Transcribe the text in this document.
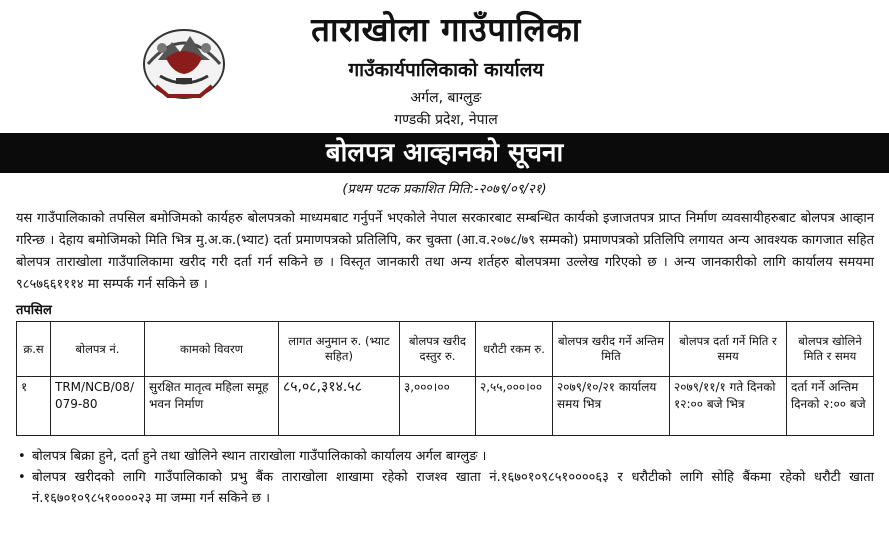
ताराखोला गाउँपालिका
गाउँकार्यपालिकाको कार्यालय
अर्गल, बाग्लुङ
गण्डकी प्रदेश, नेपाल
बोलपत्र आव्हानको सूचना
(प्रथम पटक प्रकाशित मिति:-२०७९/०९/२१)
यस गाउँपालिकाको तपसिल बमोजिमको कार्यहरु बोलपत्रको माध्यमबाट गर्नुपर्ने भएकोले नेपाल सरकारबाट सम्बन्धित कार्यको इजाजतपत्र प्राप्त निर्माण व्यवसायीहरुबाट बोलपत्र आव्हान गरिन्छ । देहाय बमोजिमको मिति भित्र मु.अ.क.(भ्याट) दर्ता प्रमाणपत्रको प्रतिलिपि, कर चुक्ता (आ.व.२०७८/७९ सम्मको) प्रमाणपत्रको प्रतिलिपि लगायत अन्य आवश्यक कागजात सहित बोलपत्र ताराखोला गाउँपालिकामा खरीद गरी दर्ता गर्न सकिने छ । विस्तृत जानकारी तथा अन्य शर्तहरु बोलपत्रमा उल्लेख गरिएको छ । अन्य जानकारीको लागि कार्यालय समयमा ९८५७६६१११४ मा सम्पर्क गर्न सकिने छ ।
तपसिल
क्र.स	बोलपत्र नं.	कामको विवरण	लागत अनुमान रु. (भ्याट सहित)	बोलपत्र खरीद दस्तुर रु.	धरौटी रकम रु.	बोलपत्र खरीद गर्ने अन्तिम मिति	बोलपत्र दर्ता गर्ने मिति र समय	बोलपत्र खोलिने मिति र समय
१	TRM/NCB/08/079-80	सुरक्षित मातृत्व महिला समूह भवन निर्माण	८५,०८,३१४.५८	३,०००।००	२,५५,०००।००	२०७९/१०/२१ कार्यालय समय भित्र	२०७९/११/१ गते दिनको १२:०० बजे भित्र	दर्ता गर्ने अन्तिम दिनको २:०० बजे
• बोलपत्र बिक्रा हुने, दर्ता हुने तथा खोलिने स्थान ताराखोला गाउँपालिकाको कार्यालय अर्गल बाग्लुङ ।
• बोलपत्र खरीदको लागि गाउँपालिकाको प्रभु बैंक ताराखोला शाखामा रहेको राजश्व खाता नं.१६७०१०९८५१००००६३ र धरौटीको लागि सोहि बैंकमा रहेको धरौटी खाता नं.१६७०१०९८५१००००२३ मा जम्मा गर्न सकिने छ ।
